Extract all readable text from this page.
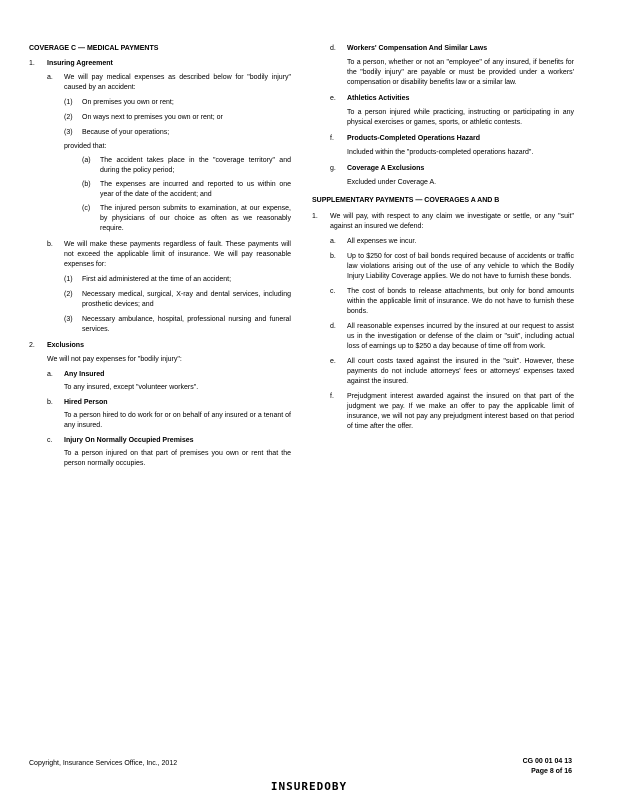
COVERAGE C — MEDICAL PAYMENTS

1.	Insuring Agreement
a.	We will pay medical expenses as described below for "bodily injury" caused by an accident:
(1)	On premises you own or rent;
(2)	On ways next to premises you own or rent; or
(3)	Because of your operations;

provided that:

(a)	The accident takes place in the "coverage territory" and during the policy period;
(b)	The expenses are incurred and reported to us within one year of the date of the accident; and
(c)	The injured person submits to examination, at our expense, by physicians of our choice as often as we reasonably require.
b.	We will make these payments regardless of fault. These payments will not exceed the applicable limit of insurance. We will pay reasonable expenses for:
(1)	First aid administered at the time of an accident;
(2)	Necessary medical, surgical, X-ray and dental services, including prosthetic devices; and
(3)	Necessary ambulance, hospital, professional nursing and funeral services.
2.	Exclusions

We will not pay expenses for "bodily injury":

a.	Any Insured

To any insured, except "volunteer workers".

b.	Hired Person

To a person hired to do work for or on behalf of any insured or a tenant of any insured.

c.	Injury On Normally Occupied Premises

To a person injured on that part of premises you own or rent that the person normally occupies.

d.	Workers' Compensation And Similar Laws

To a person, whether or not an "employee" of any insured, if benefits for the "bodily injury" are payable or must be provided under a workers' compensation or disability benefits law or a similar law.

e.	Athletics Activities

To a person injured while practicing, instructing or participating in any physical exercises or games, sports, or athletic contests.

f.	Products-Completed Operations Hazard

Included within the "products-completed operations hazard".

g.	Coverage A Exclusions

Excluded under Coverage A.

SUPPLEMENTARY PAYMENTS — COVERAGES A AND B

1.	We will pay, with respect to any claim we investigate or settle, or any "suit" against an insured we defend:
a.	All expenses we incur.
b.	Up to $250 for cost of bail bonds required because of accidents or traffic law violations arising out of the use of any vehicle to which the Bodily Injury Liability Coverage applies. We do not have to furnish these bonds.
c.	The cost of bonds to release attachments, but only for bond amounts within the applicable limit of insurance. We do not have to furnish these bonds.
d.	All reasonable expenses incurred by the insured at our request to assist us in the investigation or defense of the claim or "suit", including actual loss of earnings up to $250 a day because of time off from work.
e.	All court costs taxed against the insured in the "suit". However, these payments do not include attorneys' fees or attorneys' expenses taxed against the insured.
f.	Prejudgment interest awarded against the insured on that part of the judgment we pay. If we make an offer to pay the applicable limit of insurance, we will not pay any prejudgment interest based on that period of time after the offer.
Copyright, Insurance Services Office, Inc., 2012	CG 00 01 04 13
Page 8 of 16
INSUREDOBY
